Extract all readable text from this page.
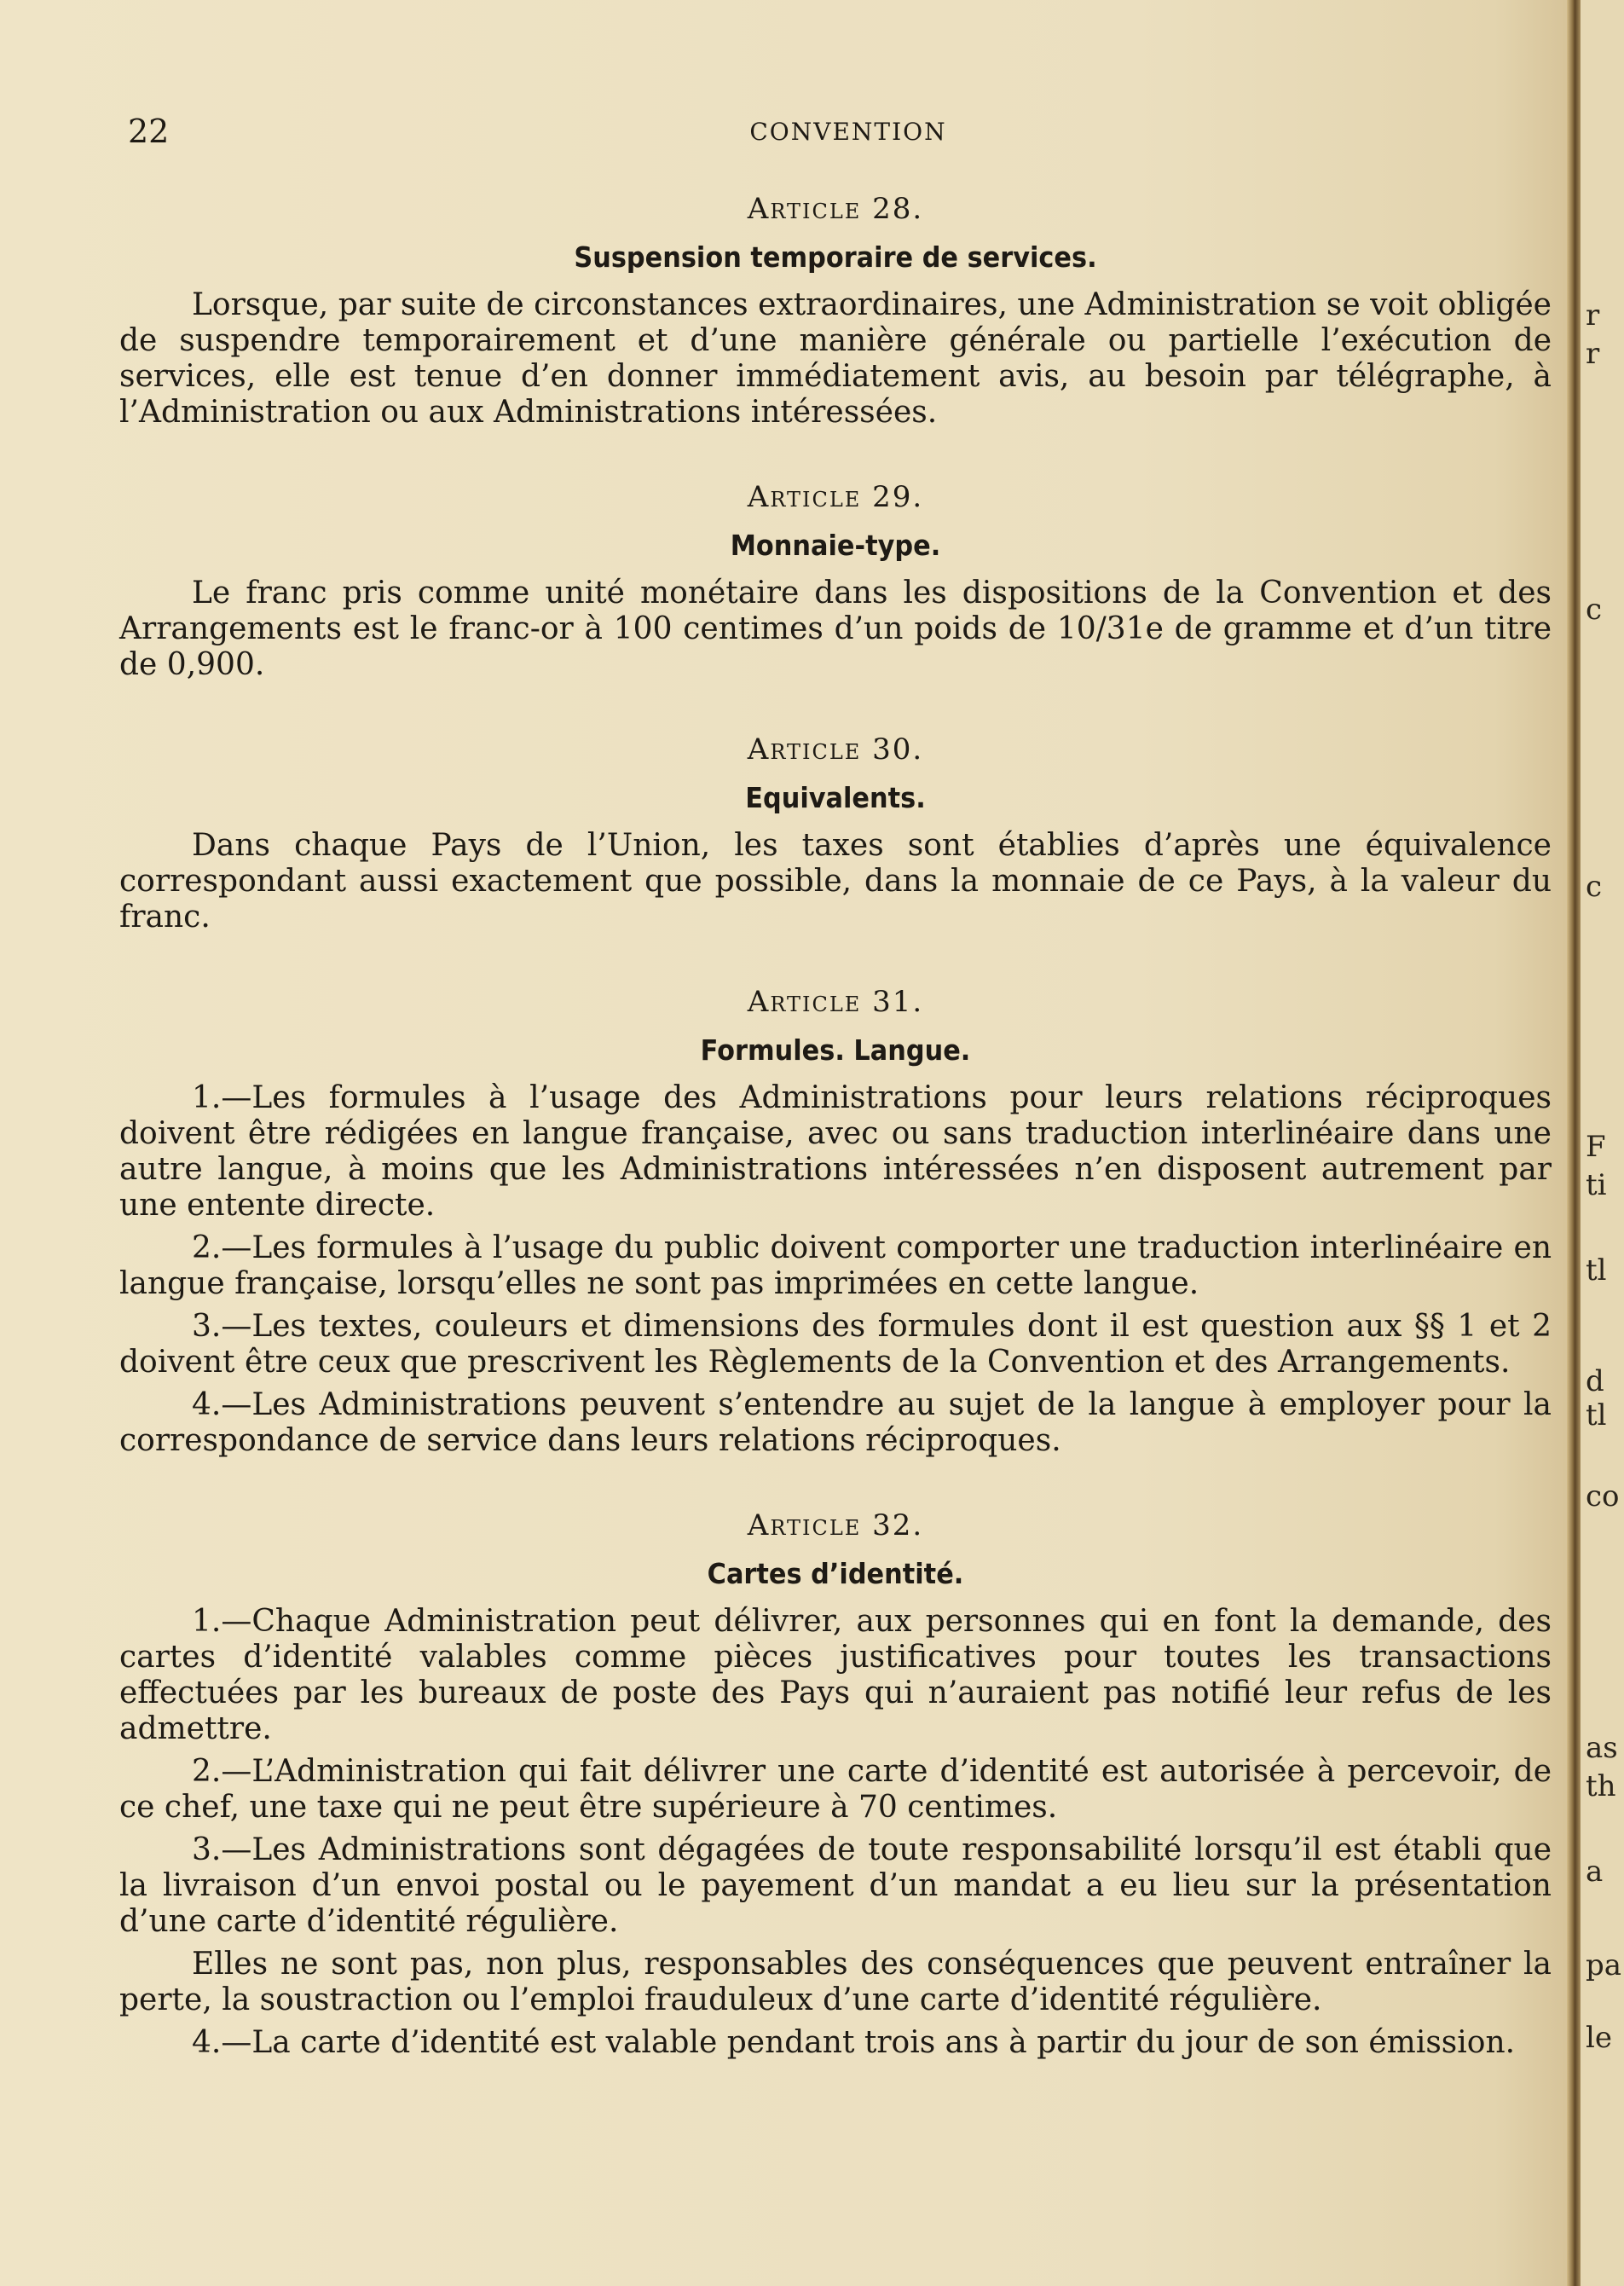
22	CONVENTION
Article 28.
Suspension temporaire de services.

Lorsque, par suite de circonstances extraordinaires, une Administration se voit obligée de suspendre temporairement et d’une manière générale ou partielle l’exécution de services, elle est tenue d’en donner immédiatement avis, au besoin par télégraphe, à l’Administration ou aux Administrations intéressées.

Article 29.
Monnaie-type.

Le franc pris comme unité monétaire dans les dispositions de la Convention et des Arrangements est le franc-or à 100 centimes d’un poids de 10/31e de gramme et d’un titre de 0,900.

Article 30.
Equivalents.

Dans chaque Pays de l’Union, les taxes sont établies d’après une équivalence correspondant aussi exactement que possible, dans la monnaie de ce Pays, à la valeur du franc.

Article 31.
Formules. Langue.

1.—Les formules à l’usage des Administrations pour leurs relations réciproques doivent être rédigées en langue française, avec ou sans traduction interlinéaire dans une autre langue, à moins que les Administrations intéressées n’en disposent autrement par une entente directe.

2.—Les formules à l’usage du public doivent comporter une traduction interlinéaire en langue française, lorsqu’elles ne sont pas imprimées en cette langue.

3.—Les textes, couleurs et dimensions des formules dont il est question aux §§ 1 et 2 doivent être ceux que prescrivent les Règlements de la Convention et des Arrangements.

4.—Les Administrations peuvent s’entendre au sujet de la langue à employer pour la correspondance de service dans leurs relations réciproques.

Article 32.
Cartes d’identité.

1.—Chaque Administration peut délivrer, aux personnes qui en font la demande, des cartes d’identité valables comme pièces justificatives pour toutes les transactions effectuées par les bureaux de poste des Pays qui n’auraient pas notifié leur refus de les admettre.

2.—L’Administration qui fait délivrer une carte d’identité est autorisée à percevoir, de ce chef, une taxe qui ne peut être supérieure à 70 centimes.

3.—Les Administrations sont dégagées de toute responsabilité lorsqu’il est établi que la livraison d’un envoi postal ou le payement d’un mandat a eu lieu sur la présentation d’une carte d’identité régulière.

Elles ne sont pas, non plus, responsables des conséquences que peuvent entraîner la perte, la soustraction ou l’emploi frauduleux d’une carte d’identité régulière.

4.—La carte d’identité est valable pendant trois ans à partir du jour de son émission.

r
r
c
c
F
ti
tl
d
tl
co
as
th
a
pa
le
